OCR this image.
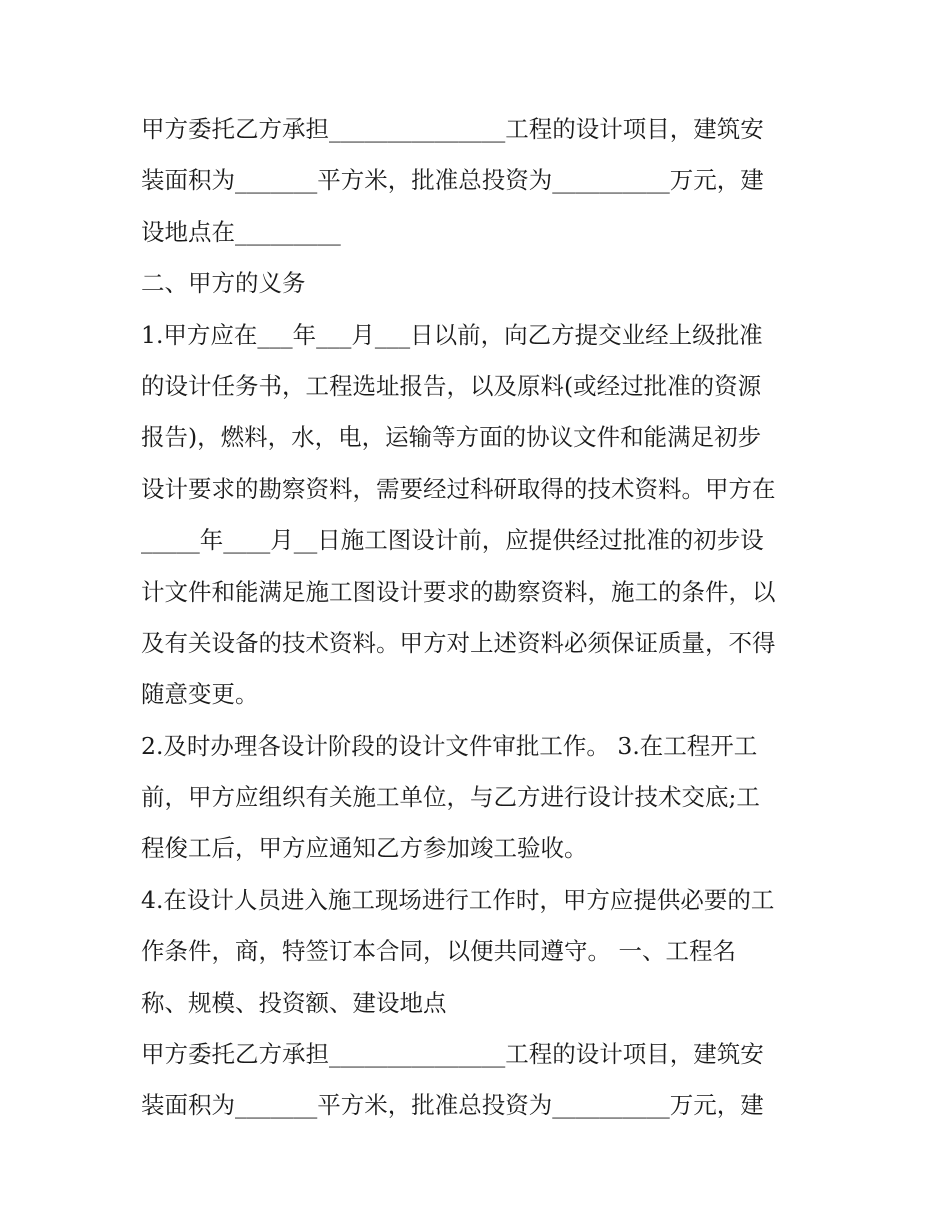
甲方委托乙方承担_______________工程的设计项目，建筑安
装面积为_______平方米，批准总投资为__________万元，建
设地点在_________
二、甲方的义务
1.甲方应在___年___月___日以前，向乙方提交业经上级批准
的设计任务书，工程选址报告，以及原料(或经过批准的资源
报告)，燃料，水，电，运输等方面的协议文件和能满足初步
设计要求的勘察资料，需要经过科研取得的技术资料。甲方在
_____年____月__日施工图设计前，应提供经过批准的初步设
计文件和能满足施工图设计要求的勘察资料，施工的条件，以
及有关设备的技术资料。甲方对上述资料必须保证质量，不得
随意变更。
2.及时办理各设计阶段的设计文件审批工作。 3.在工程开工
前，甲方应组织有关施工单位，与乙方进行设计技术交底;工
程俊工后，甲方应通知乙方参加竣工验收。
4.在设计人员进入施工现场进行工作时，甲方应提供必要的工
作条件，商，特签订本合同，以便共同遵守。 一、工程名
称、规模、投资额、建设地点
甲方委托乙方承担_______________工程的设计项目，建筑安
装面积为_______平方米，批准总投资为__________万元，建
